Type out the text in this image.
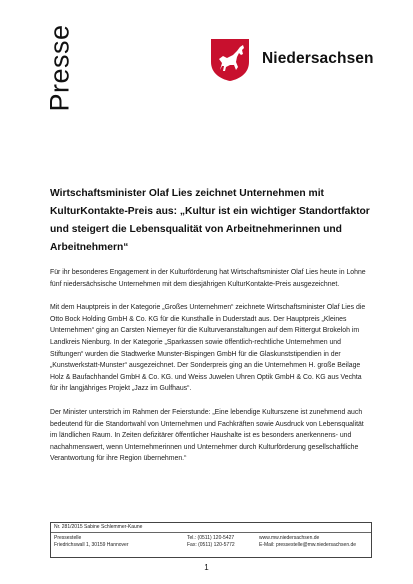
Presse	Niedersachsen
Wirtschaftsminister Olaf Lies zeichnet Unternehmen mit KulturKontakte-Preis aus: „Kultur ist ein wichtiger Standortfaktor und steigert die Lebensqualität von Arbeitnehmerinnen und Arbeitnehmern“

Für ihr besonderes Engagement in der Kulturförderung hat Wirtschaftsminister Olaf Lies heute in Lohne fünf niedersächsische Unternehmen mit dem diesjährigen KulturKontakte-Preis ausgezeichnet.

Mit dem Hauptpreis in der Kategorie „Großes Unternehmen“ zeichnete Wirtschaftsminister Olaf Lies die Otto Bock Holding GmbH & Co. KG für die Kunsthalle in Duderstadt aus. Der Hauptpreis „Kleines Unternehmen“ ging an Carsten Niemeyer für die Kulturveranstaltungen auf dem Rittergut Brokeloh im Landkreis Nienburg. In der Kategorie „Sparkassen sowie öffentlich-rechtliche Unternehmen und Stiftungen“ wurden die Stadtwerke Munster-Bispingen GmbH für die Glaskunststipendien in der „Kunstwerkstatt-Munster“ ausgezeichnet. Der Sonderpreis ging an die Unternehmen H. große Beilage Holz & Baufachhandel GmbH & Co. KG. und Weiss Juwelen Uhren Optik GmbH & Co. KG aus Vechta für ihr langjähriges Projekt „Jazz im Gulfhaus“.

Der Minister unterstrich im Rahmen der Feierstunde: „Eine lebendige Kulturszene ist zunehmend auch bedeutend für die Standortwahl von Unternehmen und Fachkräften sowie Ausdruck von Lebensqualität im ländlichen Raum. In Zeiten defizitärer öffentlicher Haushalte ist es besonders anerkennens- und nachahmenswert, wenn Unternehmerinnen und Unternehmer durch Kulturförderung gesellschaftliche Verantwortung für ihre Region übernehmen.“

Nr. 281/2015 Sabine Schlemmer-Kaune
Pressestelle
Friedrichswall 1, 30159 Hannover
Tel.: (0511) 120-5427
Fax: (0511) 120-5772
www.mw.niedersachsen.de
E-Mail: pressestelle@mw.niedersachsen.de
1
